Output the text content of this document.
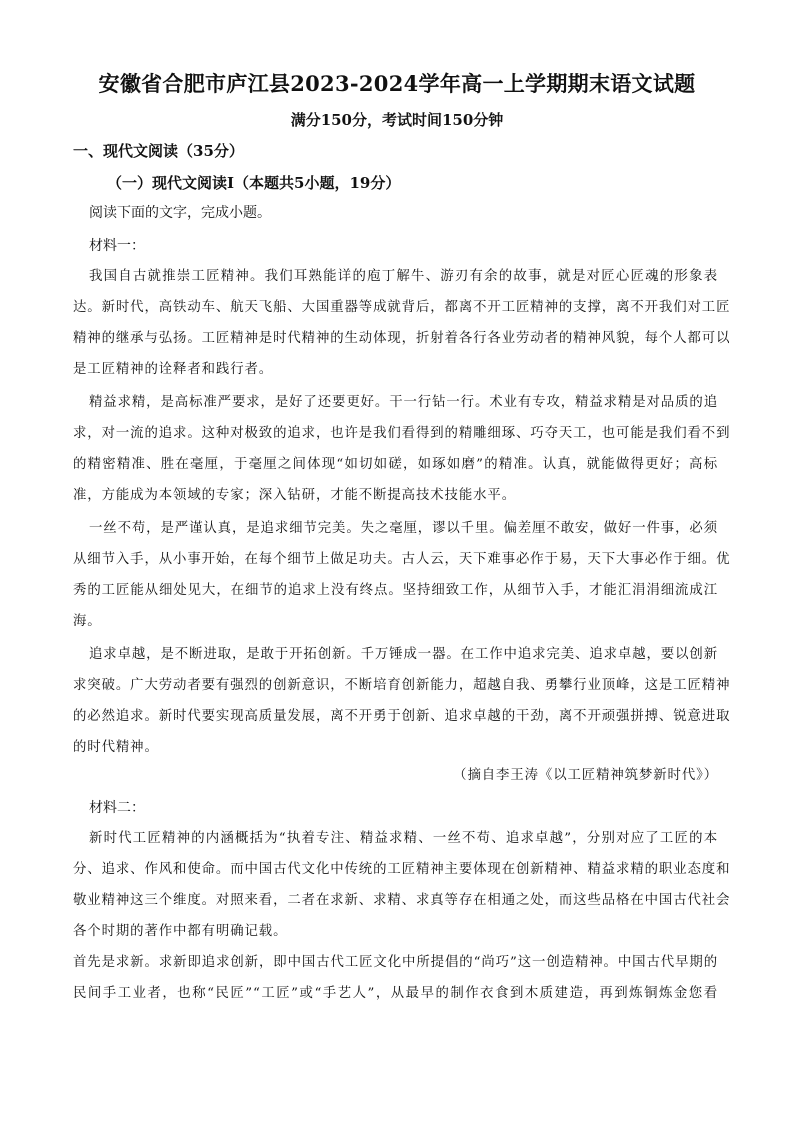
安徽省合肥市庐江县2023-2024学年高一上学期期末语文试题
满分150分，考试时间150分钟
一、现代文阅读（35分）
（一）现代文阅读Ⅰ（本题共5小题，19分）
阅读下面的文字，完成小题。
材料一：
我国自古就推崇工匠精神。我们耳熟能详的庖丁解牛、游刃有余的故事，就是对匠心匠魂的形象表
达。新时代，高铁动车、航天飞船、大国重器等成就背后，都离不开工匠精神的支撑，离不开我们对工匠
精神的继承与弘扬。工匠精神是时代精神的生动体现，折射着各行各业劳动者的精神风貌，每个人都可以
是工匠精神的诠释者和践行者。
精益求精，是高标准严要求，是好了还要更好。干一行钻一行。术业有专攻，精益求精是对品质的追
求，对一流的追求。这种对极致的追求，也许是我们看得到的精雕细琢、巧夺天工，也可能是我们看不到
的精密精准、胜在毫厘，于毫厘之间体现“如切如磋，如琢如磨”的精准。认真，就能做得更好；高标
准，方能成为本领域的专家；深入钻研，才能不断提高技术技能水平。
一丝不苟，是严谨认真，是追求细节完美。失之毫厘，谬以千里。偏差厘不敢安，做好一件事，必须
从细节入手，从小事开始，在每个细节上做足功夫。古人云，天下难事必作于易，天下大事必作于细。优
秀的工匠能从细处见大，在细节的追求上没有终点。坚持细致工作，从细节入手，才能汇涓涓细流成江
海。
追求卓越，是不断进取，是敢于开拓创新。千万锤成一器。在工作中追求完美、追求卓越，要以创新
求突破。广大劳动者要有强烈的创新意识，不断培育创新能力，超越自我、勇攀行业顶峰，这是工匠精神
的必然追求。新时代要实现高质量发展，离不开勇于创新、追求卓越的干劲，离不开顽强拼搏、锐意进取
的时代精神。
（摘自李王涛《以工匠精神筑梦新时代》）
材料二：
新时代工匠精神的内涵概括为“执着专注、精益求精、一丝不苟、追求卓越”，分别对应了工匠的本
分、追求、作风和使命。而中国古代文化中传统的工匠精神主要体现在创新精神、精益求精的职业态度和
敬业精神这三个维度。对照来看，二者在求新、求精、求真等存在相通之处，而这些品格在中国古代社会
各个时期的著作中都有明确记载。
首先是求新。求新即追求创新，即中国古代工匠文化中所提倡的“尚巧”这一创造精神。中国古代早期的
民间手工业者，也称“民匠”“工匠”或“手艺人”，从最早的制作衣食到木质建造，再到炼铜炼金您看
